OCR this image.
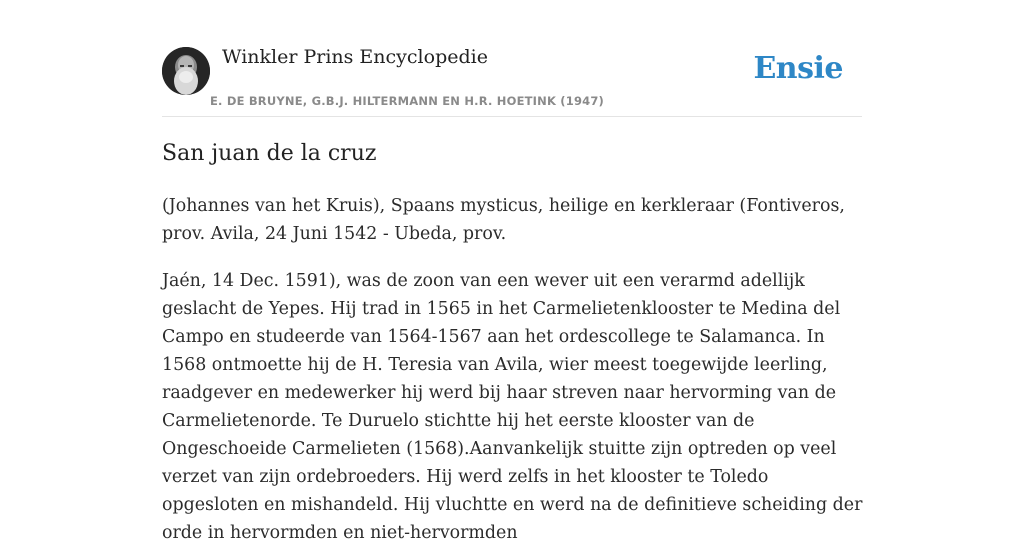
Winkler Prins Encyclopedie
E. DE BRUYNE, G.B.J. HILTERMANN EN H.R. HOETINK (1947)
Ensie
San juan de la cruz

(Johannes van het Kruis), Spaans mysticus, heilige en kerkleraar (Fontiveros, prov. Avila, 24 Juni 1542 - Ubeda, prov.

Jaén, 14 Dec. 1591), was de zoon van een wever uit een verarmd adellijk geslacht de Yepes. Hij trad in 1565 in het Carmelietenklooster te Medina del Campo en studeerde van 1564-1567 aan het ordescollege te Salamanca. In 1568 ontmoette hij de H. Teresia van Avila, wier meest toegewijde leerling, raadgever en medewerker hij werd bij haar streven naar hervorming van de Carmelietenorde. Te Duruelo stichtte hij het eerste klooster van de Ongeschoeide Carmelieten (1568).Aanvankelijk stuitte zijn optreden op veel verzet van zijn ordebroeders. Hij werd zelfs in het klooster te Toledo opgesloten en mishandeld. Hij vluchtte en werd na de definitieve scheiding der orde in hervormden en niet-hervormden
